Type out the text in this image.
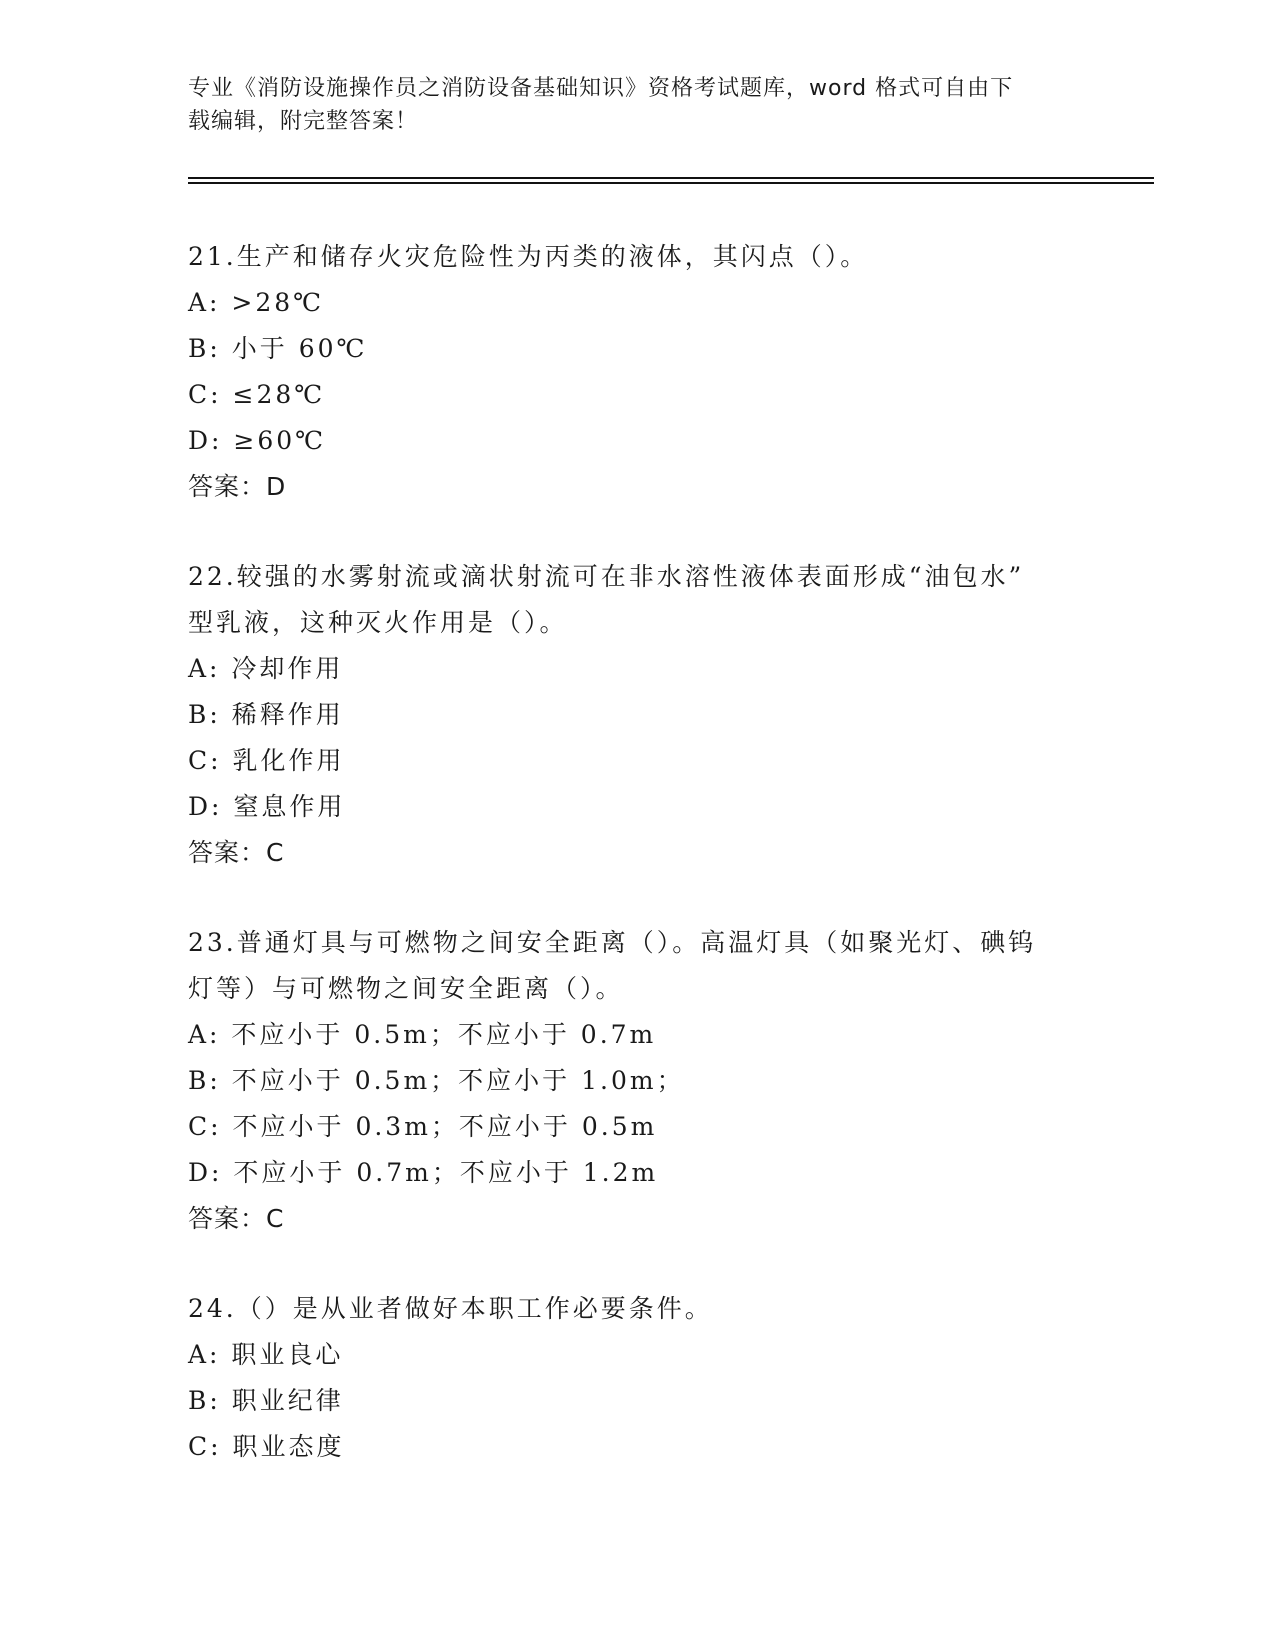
专业《消防设施操作员之消防设备基础知识》资格考试题库，word 格式可自由下
载编辑，附完整答案！

21.生产和储存火灾危险性为丙类的液体，其闪点（）。

A: >28℃

B: 小于 60℃

C: ≤28℃

D: ≥60℃

答案：D

22.较强的水雾射流或滴状射流可在非水溶性液体表面形成“油包水”

型乳液，这种灭火作用是（）。

A: 冷却作用

B: 稀释作用

C: 乳化作用

D: 窒息作用

答案：C

23.普通灯具与可燃物之间安全距离（）。高温灯具（如聚光灯、碘钨

灯等）与可燃物之间安全距离（）。

A: 不应小于 0.5m；不应小于 0.7m

B: 不应小于 0.5m；不应小于 1.0m；

C: 不应小于 0.3m；不应小于 0.5m

D: 不应小于 0.7m；不应小于 1.2m

答案：C

24.（）是从业者做好本职工作必要条件。

A: 职业良心

B: 职业纪律

C: 职业态度
